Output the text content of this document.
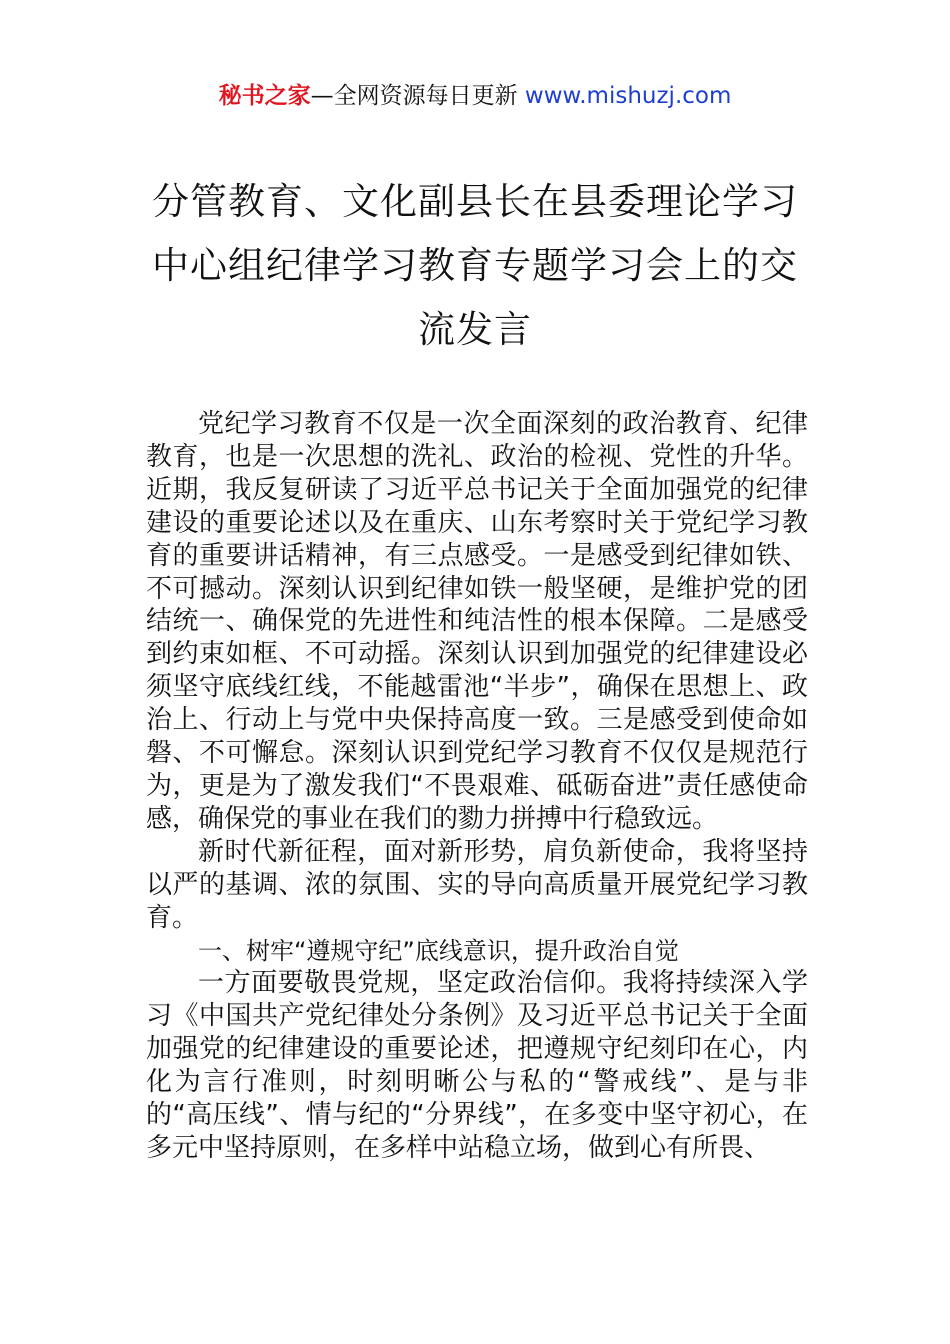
秘书之家—全网资源每日更新 www.mishuzj.com
分管教育、文化副县长在县委理论学习中心组纪律学习教育专题学习会上的交流发言

党纪学习教育不仅是一次全面深刻的政治教育、纪律教育，也是一次思想的洗礼、政治的检视、党性的升华。近期，我反复研读了习近平总书记关于全面加强党的纪律建设的重要论述以及在重庆、山东考察时关于党纪学习教育的重要讲话精神，有三点感受。一是感受到纪律如铁、不可撼动。深刻认识到纪律如铁一般坚硬，是维护党的团结统一、确保党的先进性和纯洁性的根本保障。二是感受到约束如框、不可动摇。深刻认识到加强党的纪律建设必须坚守底线红线，不能越雷池“半步”，确保在思想上、政治上、行动上与党中央保持高度一致。三是感受到使命如磐、不可懈怠。深刻认识到党纪学习教育不仅仅是规范行为，更是为了激发我们“不畏艰难、砥砺奋进”责任感使命感，确保党的事业在我们的勠力拼搏中行稳致远。

新时代新征程，面对新形势，肩负新使命，我将坚持以严的基调、浓的氛围、实的导向高质量开展党纪学习教育。

一、树牢“遵规守纪”底线意识，提升政治自觉

一方面要敬畏党规，坚定政治信仰。我将持续深入学习《中国共产党纪律处分条例》及习近平总书记关于全面加强党的纪律建设的重要论述，把遵规守纪刻印在心，内化为言行准则，时刻明晰公与私的“警戒线”、是与非的“高压线”、情与纪的“分界线”，在多变中坚守初心，在多元中坚持原则，在多样中站稳立场，做到心有所畏、
